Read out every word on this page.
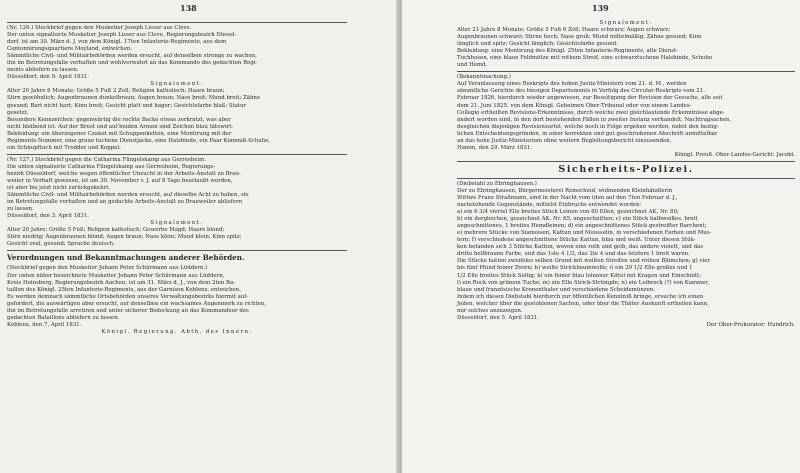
138
(Nr. 126.) Steckbrief gegen den Musketier Joseph Lisser aus Cleve.
Der unten signalisirte Musketier Joseph Lisser aus Cleve, Regierungsbezirk Düssel-
dorf, ist am 30. März d. J. von dem Königl. 17ten Infanterie-Regimente, aus dem
Cantonnirungsquartiere Moyland, entwichen.
Sämmtliche Civil- und Militairbehörden werden ersucht, auf denselben strenge zu wachen,
ihn im Betretungsfalle verhaften und wohlverwahrt an das Kommando des gedachten Regi-
ments abliefern zu lassen.
Düsseldorf, den 9. April 1831.
Signalement.
Alter 20 Jahre 6 Monate; Größe 5 Fuß 2 Zoll; Religion katholisch; Haare braun;
Stirn gewöhnlich; Augenbraunen dunkelbraun; Augen braun; Nase breit; Mund breit; Zähne
gesund; Bart nicht hart; Kinn breit; Gesicht platt und hager; Gesichtsfarbe blaß; Statur
gesetzt.
Besondere Kennzeichen: gegenwärtig die rechte Backe etwas zerkratzt, was aber
nicht bleibend ist. Auf der Brust und auf beiden Armen sind Zeichen blau tätowirt.
Bekleidung: ein überzogener Czakot mit Schuppenketten, eine Montirung mit der
Regiments-Nummer, eine graue tuchene Dienstjacke, eine Halsbinde, ein Paar Kommiß-Schuhe,
ein Schnupftuch mit Trodder und Koppel.
(Nr. 127.) Steckbrief gegen die Catharina Flingelskamp aus Gerresheim.
Die unten signalisirte Catharina Flingelskamp aus Gerresheim, Regierungs-
bezirk Düsseldorf, welche wegen öffentlicher Unzucht in der Arbeits-Anstalt zu Brau-
weiler in Verhaft gewesen, ist am 30. November v. J. auf 8 Tage beurlaubt worden,
ist aber bis jetzt nicht zurückgekehrt.
Sämmtliche Civil- und Militairbehörden werden ersucht, auf dieselbe Acht zu haben, sie
im Betretungsfalle verhaften und an gedachte Arbeits-Anstalt zu Brauweiler abliefern
zu lassen.
Düsseldorf, den 3. April 1831.
Signalement.
Alter 20 Jahre; Größe 5 Fuß; Religion katholisch; Gewerbe Magd; Haare blond;
Stirn niedrig; Augenbraunen blond; Augen braun; Nase klein; Mund klein; Kinn spitz;
Gesicht oval, gesund; Sprache deutsch.
Verordnungen und Bekanntmachungen anderer Behörden.
(Steckbrief gegen den Musketier Johann Peter Schürmann aus Lüddern.)
Der unten näher bezeichnete Musketier Johann Peter Schürmann aus Lüddern,
Kreis Heinsberg, Regierungsbezirk Aachen, ist am 31. März d. J., von dem 2ten Ba-
taillon des Königl. 25ten Infanterie-Regiments, aus der Garnison Koblenz, entwichen.
Es werden demnach sämmtliche Ortsbehörden unseres Verwaltungsbezirks hiermit auf-
gefordert, die auswärtigen aber ersucht, auf denselben ein wachsames Augenmerk zu richten,
ihn im Betretungsfalle arretiren und unter sicherer Bedeckung an das Kommandeur des
gedachten Bataillons abliefern zu lassen.
Koblenz, den 7. April 1831.
Königl. Regierung. Abth. des Innern.
139
Signalement.
Alter 21 Jahre 8 Monate; Größe 5 Fuß 6 Zoll; Haare schwarz; Augen schwarz;
Augenbraunen schwarz; Stirne hoch; Nase groß; Mund mittelmäßig; Zähne gesund; Kinn
länglich und spitz; Gesicht länglich; Gesichtsfarbe gesund.
Bekleidung: eine Montirung des Königl. 25ten Infanterie-Regiments, alte Dienst-
Tuchhosen, eine blaue Feldmütze mit rothem Streif, eine schwarztuchene Halsbinde, Schuhe
und Hemd.
(Bekanntmachung.)
Auf Veranlassung eines Reskripts des hohen Justiz-Ministerii vom 21. d. M., werden
sämmtliche Gerichte des hiesigen Departements in Verfolg des Circular-Reskripts vom 21.
Februar 1826, hierdurch wieder angewiesen, zur Beseitigung der Revision der Gesuche, alle seit
dem 21. Juni 1825. von dem Königl. Geheimen Ober-Tribunal oder von einem Landes-
Collegio ertheilten Revisions-Erkenntnisse, durch welche zwei gleichlautende Erkenntnisse abge-
ändert worden sind, in den dort bestehenden Fällen in zweiter Instanz verhandelt, Nachtragsachen,
desgleichen diejenigen Revisionsurtel, welche noch in Folge ergehen werden, nebst den bezüg-
lichen Entscheidungsgründen, in einer korrekten und gut geschriebenen Abschrift unmittelbar
an das hohe Justiz-Ministerium ohne weitern Begleitungsbericht einzusenden.
Hamm, den 29. März 1831.
Königl. Preuß. Ober-Landes-Gericht: Jacobi.
Sicherheits-Polizei.
(Diebstahl zu Ebringhausen.)
Der zu Ebringhausen, Bürgermeisterei Remscheid, wohnenden Kleinhändlerin
Wittwe Franz Straßmann, sind in der Nacht vom (den auf den 7ten Februar d. J.,
nachstehende Gegenstände, mittelst Einbruchs entwendet worden:
a) ein 6 3/4 viertel Elle breites Stück Leinen von 60 Ellen, gezeichnet AK. Nr. 80;
b) ein dergleichen, gezeichnet AK. Nr. 65, angeschnitten; c) ein Stück halbweißes, breit
angeschnittenes, 1 breites Hemdleinen; d) ein angeschnittenes Stück gestreifter Barchent;
e) mehrere Stücke von Siamoisen, Kattun und Mousselin, in verschiedenen Farben und Mus-
tern; f) verschiedene angeschnittene Stücke Kattun, blau und weiß. Unter diesen Stük-
ken befanden sich 3 Stücke Kattun, wovon eins roth und gelb, das andere violett, und das
dritte hellbraune Farbe, und das 1ste 4 1/2, das 2te 4 und das letztere 1 breit waren.
Die Stücke hatten zweifelos selben Grund mit weißen Streifen und rothen Blümchen; g) vier
bis fünf Pfund feiner Zwirn; h) weiße Strickbaumwolle; i) ein 29 1/2 Elle großes und 1
1/2 Elle breites Stück Seltig; k) ein feiner blau leinener Kittel mit Kragen und Einschnitt;
l) ein Rock von grünem Tuche; m) ein Elle Strick-Strümpfe; n) ein Leibrock (?) von Kammer,
blaue und französische Kronenthaler und verschiedene Scheidemünzen.
Indem ich diesen Diebstahl hierdurch zur öffentlichen Kenntniß bringe, ersuche ich einen
Jeden, welcher über die gestohlenen Sachen, oder über die Thäter Auskunft ertheilen kann,
mir solches anzuzeigen.
Düsseldorf, den 5. April 1831.
Der Ober-Prokurator: Hundrich.
